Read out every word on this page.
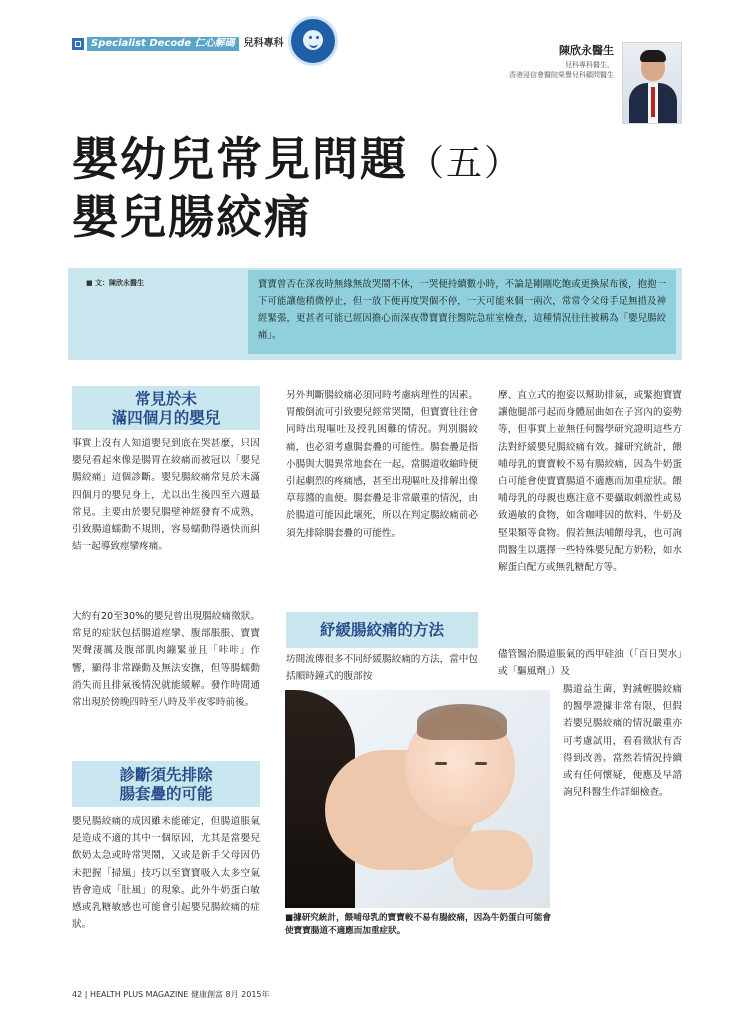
Specialist Decode 仁心解碼 兒科專科
陳欣永醫生
兒科專科醫生、
香港浸信會醫院榮譽兒科顧問醫生
嬰幼兒常見問題（五）
嬰兒腸絞痛
■ 文：陳欣永醫生	寶寶曾否在深夜時無緣無故哭鬧不休，一哭便持續數小時，不論是剛剛吃飽或更換尿布後，抱抱一下可能讓他稍微停止，但一放下便再度哭個不停，一天可能來個一兩次，常常令父母手足無措及神經緊張，更甚者可能已經因擔心而深夜帶寶寶往醫院急症室檢查，這種情況往往被稱為「嬰兒腸絞痛」。
常見於未
滿四個月的嬰兒

事實上沒有人知道嬰兒到底在哭甚麼，只因嬰兒看起來像是腸胃在絞痛而被冠以「嬰兒腸絞痛」這個診斷。嬰兒腸絞痛常見於未滿四個月的嬰兒身上，尤以出生後四至六週最常見。主要由於嬰兒腸壁神經發育不成熟，引致腸道蠕動不規則，容易蠕動得過快而糾結一起導致痙攣疼痛。

大約有20至30%的嬰兒曾出現腸絞痛徵狀。常見的症狀包括腸道痙攣、腹部脹脹、寶寶哭聲淒厲及腹部肌肉繃緊並且「咔咔」作響，顯得非常躁動及無法安撫，但等腸蠕動消失而且排氣後情況就能緩解。發作時間通常出現於傍晚四時至八時及半夜零時前後。

診斷須先排除
腸套疊的可能

嬰兒腸絞痛的成因雖未能確定，但腸道脹氣是造成不適的其中一個原因，尤其是當嬰兒飲奶太急或時常哭鬧，又或是新手父母因仍未把握「掃風」技巧以至寶寶吸入太多空氣皆會造成「肚風」的現象。此外牛奶蛋白敏感或乳糖敏感也可能會引起嬰兒腸絞痛的症狀。

另外判斷腸絞痛必須同時考慮病理性的因素。胃酸倒流可引致嬰兒經常哭鬧，但寶寶往往會同時出現嘔吐及授乳困難的情況。判別腸絞痛，也必須考慮腸套疊的可能性。腸套疊是指小腸與大腸異常地套在一起，當腸道收縮時便引起劇烈的疼痛感，甚至出現嘔吐及排解出像草莓醬的血便。腸套疊是非常嚴重的情況，由於腸道可能因此壞死，所以在判定腸絞痛前必須先排除腸套疊的可能性。

紓緩腸絞痛的方法

坊間流傳很多不同紓緩腸絞痛的方法，當中包括順時鐘式的腹部按

■據研究統計，餵哺母乳的寶寶較不易有腸絞痛，因為牛奶蛋白可能會使寶寶腸道不適應而加重症狀。

摩、直立式的抱姿以幫助排氣，或緊抱寶寶讓他腿部弓起而身體屈曲如在子宮內的姿勢等，但事實上並無任何醫學研究證明這些方法對紓緩嬰兒腸絞痛有效。據研究統計，餵哺母乳的寶寶較不易有腸絞痛，因為牛奶蛋白可能會使寶寶腸道不適應而加重症狀。餵哺母乳的母親也應注意不要攝取刺激性或易致過敏的食物，如含咖啡因的飲料、牛奶及堅果類等食物。假若無法哺餵母乳，也可詢問醫生以選擇一些特殊嬰兒配方奶粉，如水解蛋白配方或無乳糖配方等。

儘管醫治腸道脹氣的西甲硅油（「百日哭水」或「驅風劑」）及

腸道益生菌，對減輕腸絞痛的醫學證據非常有限，但假若嬰兒腸絞痛的情況嚴重亦可考慮試用，看看徵狀有否得到改善。當然若情況持續或有任何懷疑，便應及早諮詢兒科醫生作詳細檢查。

42 | HEALTH PLUS MAGAZINE 健康創富 8月 2015年
